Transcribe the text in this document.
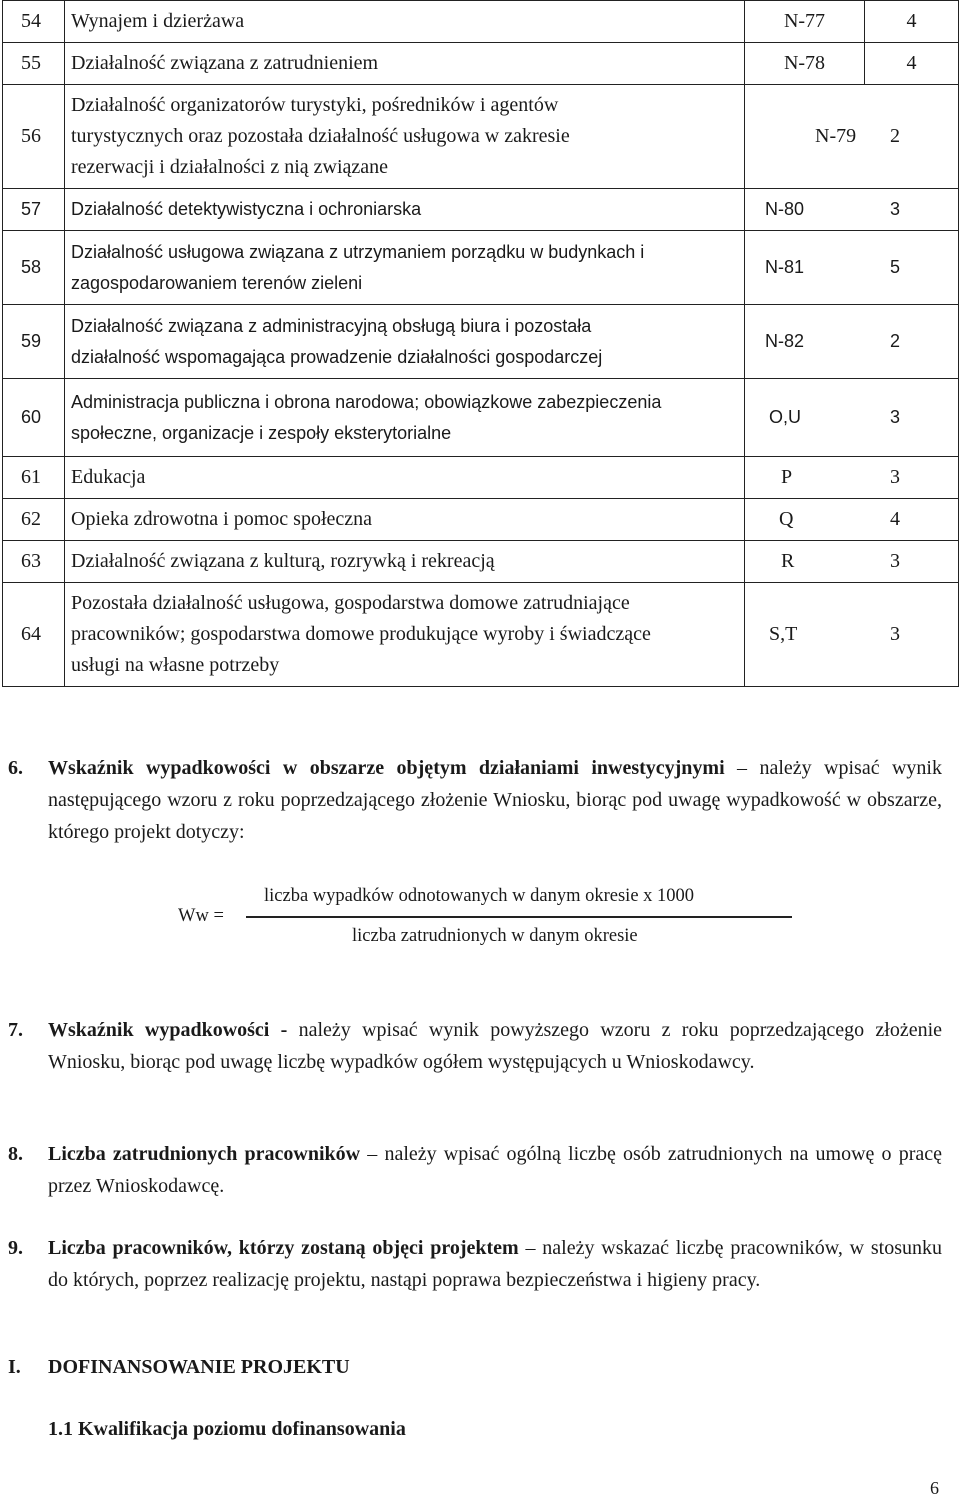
54	Wynajem i dzierżawa	N-77	4
55	Działalność związana z zatrudnieniem	N-78	4
56	Działalność organizatorów turystyki, pośredników i agentów turystycznych oraz pozostała działalność usługowa w zakresie rezerwacji i działalności z nią związane	N-79 2	

57	Działalność detektywistyczna i ochroniarska	N-80 3	

58	Działalność usługowa związana z utrzymaniem porządku w budynkach i zagospodarowaniem terenów zieleni	N-81 5	

59	Działalność związana z administracyjną obsługą biura i pozostała działalność wspomagająca prowadzenie działalności gospodarczej	N-82 2	

60	Administracja publiczna i obrona narodowa; obowiązkowe zabezpieczenia społeczne, organizacje i zespoły eksterytorialne	O,U 3	

61	Edukacja	P 3	

62	Opieka zdrowotna i pomoc społeczna	Q 4	

63	Działalność związana z kulturą, rozrywką i rekreacją	R 3	

64	Pozostała działalność usługowa, gospodarstwa domowe zatrudniające pracowników; gospodarstwa domowe produkujące wyroby i świadczące usługi na własne potrzeby	S,T 3	
6. Wskaźnik wypadkowości w obszarze objętym działaniami inwestycyjnymi – należy wpisać wynik następującego wzoru z roku poprzedzającego złożenie Wniosku, biorąc pod uwagę wypadkowość w obszarze, którego projekt dotyczy:
Ww =
liczba wypadków odnotowanych w danym okresie x 1000
liczba zatrudnionych w danym okresie
7. Wskaźnik wypadkowości - należy wpisać wynik powyższego wzoru z roku poprzedzającego złożenie Wniosku, biorąc pod uwagę liczbę wypadków ogółem występujących u Wnioskodawcy.
8. Liczba zatrudnionych pracowników – należy wpisać ogólną liczbę osób zatrudnionych na umowę o pracę przez Wnioskodawcę.
9. Liczba pracowników, którzy zostaną objęci projektem – należy wskazać liczbę pracowników, w stosunku do których, poprzez realizację projektu, nastąpi poprawa bezpieczeństwa i higieny pracy.
I. DOFINANSOWANIE PROJEKTU
1.1 Kwalifikacja poziomu dofinansowania
6
